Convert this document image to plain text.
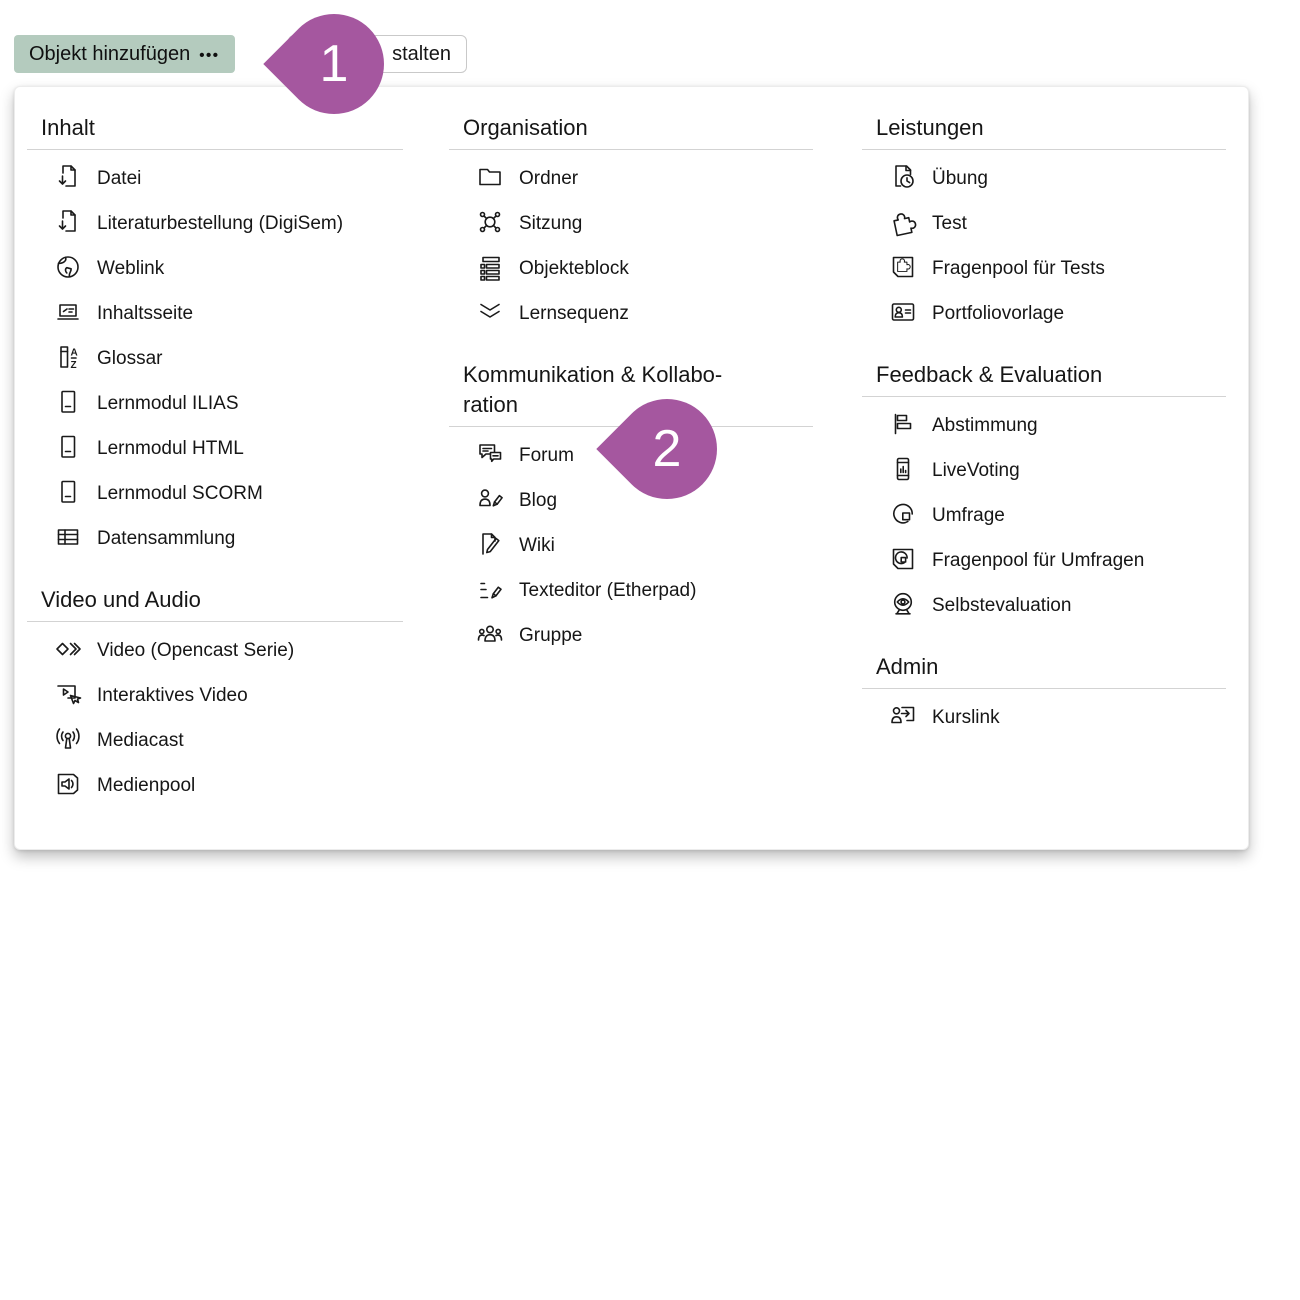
Objekt hinzufügen •••	stalten
Inhalt
Datei
Literaturbestellung (DigiSem)
Weblink
Inhaltsseite
A
Z Glossar
Lernmodul ILIAS
Lernmodul HTML
Lernmodul SCORM
Datensammlung
Video und Audio
Video (Opencast Serie)
Interaktives Video
Mediacast
Medienpool
Organisation
Ordner
Sitzung
Objekteblock
Lernsequenz
Kommunikation & Kollaboration
Forum
Blog
Wiki
Texteditor (Etherpad)
Gruppe
Leistungen
Übung
Test
Fragenpool für Tests
Portfoliovorlage
Feedback & Evaluation
Abstimmung
LiveVoting
Umfrage
Fragenpool für Umfragen
Selbstevaluation
Admin
Kurslink
1
2
